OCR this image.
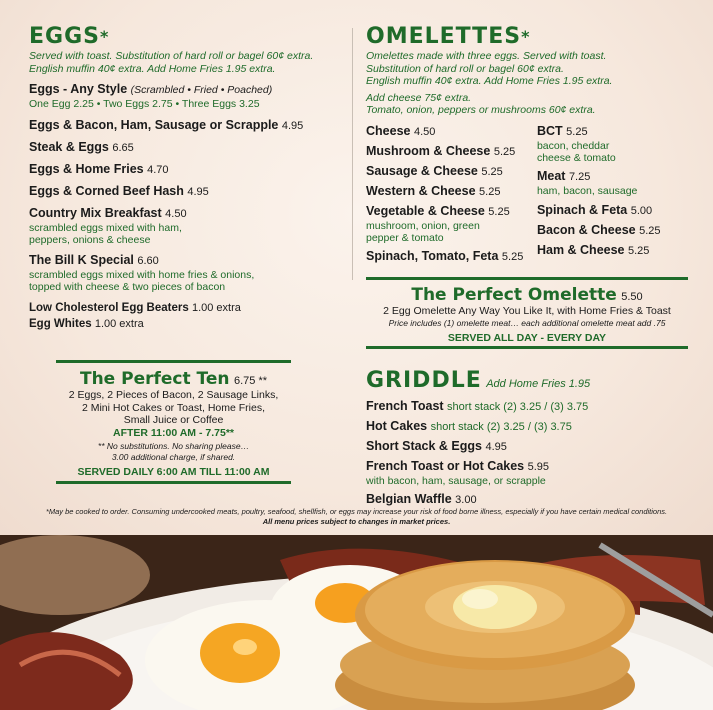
EGGS*
Served with toast. Substitution of hard roll or bagel 60¢ extra.
English muffin 40¢ extra. Add Home Fries 1.95 extra.
Eggs - Any Style (Scrambled • Fried • Poached)
One Egg 2.25 • Two Eggs 2.75 • Three Eggs 3.25
Eggs & Bacon, Ham, Sausage or Scrapple 4.95
Steak & Eggs 6.65
Eggs & Home Fries 4.70
Eggs & Corned Beef Hash 4.95
Country Mix Breakfast 4.50
scrambled eggs mixed with ham,
peppers, onions & cheese
The Bill K Special 6.60
scrambled eggs mixed with home fries & onions,
topped with cheese & two pieces of bacon
Low Cholesterol Egg Beaters 1.00 extra
Egg Whites 1.00 extra
The Perfect Ten 6.75 **
2 Eggs, 2 Pieces of Bacon, 2 Sausage Links,
2 Mini Hot Cakes or Toast, Home Fries,
Small Juice or Coffee
AFTER 11:00 AM - 7.75**
** No substitutions. No sharing please…
3.00 additional charge, if shared.
SERVED DAILY 6:00 AM TILL 11:00 AM
OMELETTES*
Omelettes made with three eggs. Served with toast.
Substitution of hard roll or bagel 60¢ extra.
English muffin 40¢ extra. Add Home Fries 1.95 extra.
Add cheese 75¢ extra.
Tomato, onion, peppers or mushrooms 60¢ extra.
Cheese 4.50
Mushroom & Cheese 5.25
Sausage & Cheese 5.25
Western & Cheese 5.25
Vegetable & Cheese 5.25
mushroom, onion, green
pepper & tomato
Spinach, Tomato, Feta 5.25
BCT 5.25
bacon, cheddar
cheese & tomato
Meat 7.25
ham, bacon, sausage
Spinach & Feta 5.00
Bacon & Cheese 5.25
Ham & Cheese 5.25
The Perfect Omelette 5.50
2 Egg Omelette Any Way You Like It, with Home Fries & Toast
Price includes (1) omelette meat… each additional omelette meat add .75
SERVED ALL DAY - EVERY DAY
GRIDDLE Add Home Fries 1.95
French Toast short stack (2) 3.25 / (3) 3.75
Hot Cakes short stack (2) 3.25 / (3) 3.75
Short Stack & Eggs 4.95
French Toast or Hot Cakes 5.95
with bacon, ham, sausage, or scrapple
Belgian Waffle 3.00
*May be cooked to order. Consuming undercooked meats, poultry, seafood, shellfish, or eggs may increase your risk of food borne illness, especially if you have certain medical conditions.
All menu prices subject to changes in market prices.
